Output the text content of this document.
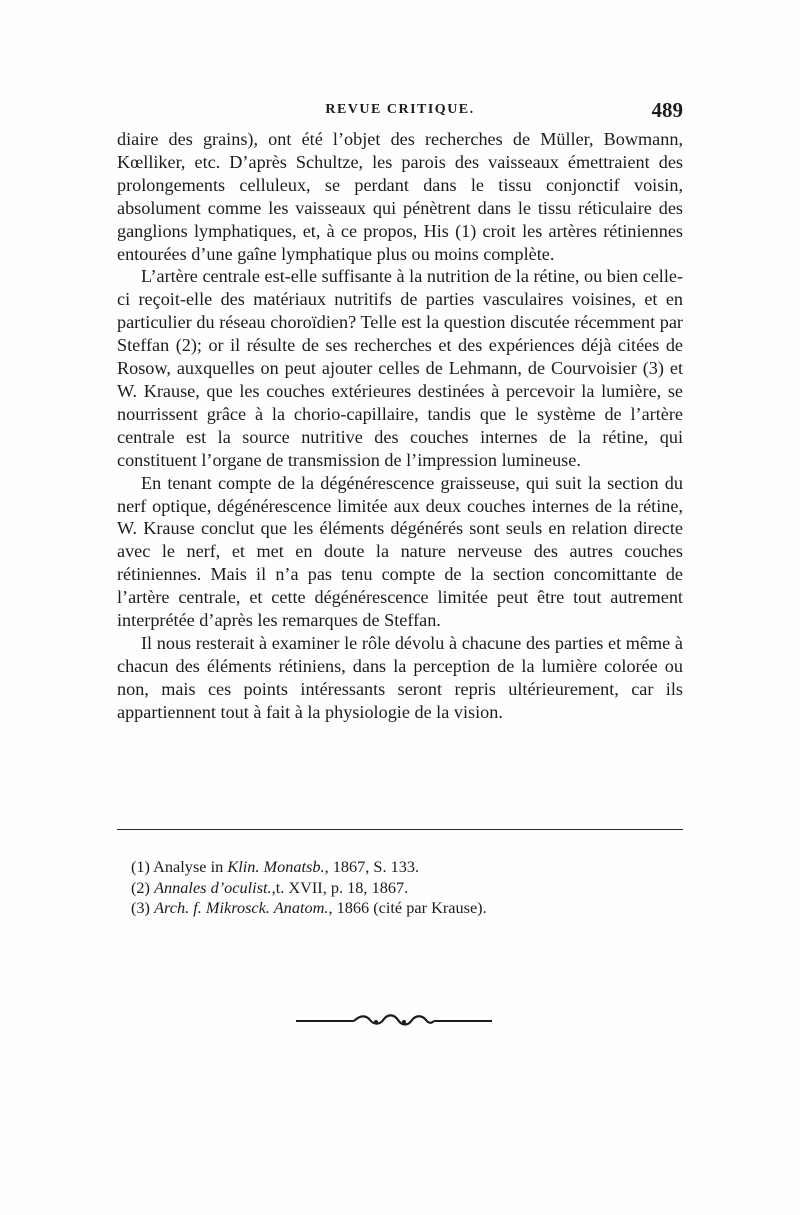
REVUE CRITIQUE.	489

diaire des grains), ont été l’objet des recherches de Müller, Bowmann, Kœlliker, etc. D’après Schultze, les parois des vaisseaux émettraient des prolongements celluleux, se perdant dans le tissu conjonctif voisin, absolument comme les vaisseaux qui pénètrent dans le tissu réticulaire des ganglions lymphatiques, et, à ce propos, His (1) croit les artères rétiniennes entourées d’une gaîne lymphatique plus ou moins complète.

L’artère centrale est-elle suffisante à la nutrition de la rétine, ou bien celle-ci reçoit-elle des matériaux nutritifs de parties vasculaires voisines, et en particulier du réseau choroïdien? Telle est la question discutée récemment par Steffan (2); or il résulte de ses recherches et des expériences déjà citées de Rosow, auxquelles on peut ajouter celles de Lehmann, de Courvoisier (3) et W. Krause, que les couches extérieures destinées à percevoir la lumière, se nourrissent grâce à la chorio-capillaire, tandis que le système de l’artère centrale est la source nutritive des couches internes de la rétine, qui constituent l’organe de transmission de l’impression lumineuse.

En tenant compte de la dégénérescence graisseuse, qui suit la section du nerf optique, dégénérescence limitée aux deux couches internes de la rétine, W. Krause conclut que les éléments dégénérés sont seuls en relation directe avec le nerf, et met en doute la nature nerveuse des autres couches rétiniennes. Mais il n’a pas tenu compte de la section concomittante de l’artère centrale, et cette dégénérescence limitée peut être tout autrement interprétée d’après les remarques de Steffan.

Il nous resterait à examiner le rôle dévolu à chacune des parties et même à chacun des éléments rétiniens, dans la perception de la lumière colorée ou non, mais ces points intéressants seront repris ultérieurement, car ils appartiennent tout à fait à la physiologie de la vision.

(1) Analyse in Klin. Monatsb., 1867, S. 133.
(2) Annales d’oculist.,t. XVII, p. 18, 1867.
(3) Arch. f. Mikrosck. Anatom., 1866 (cité par Krause).
